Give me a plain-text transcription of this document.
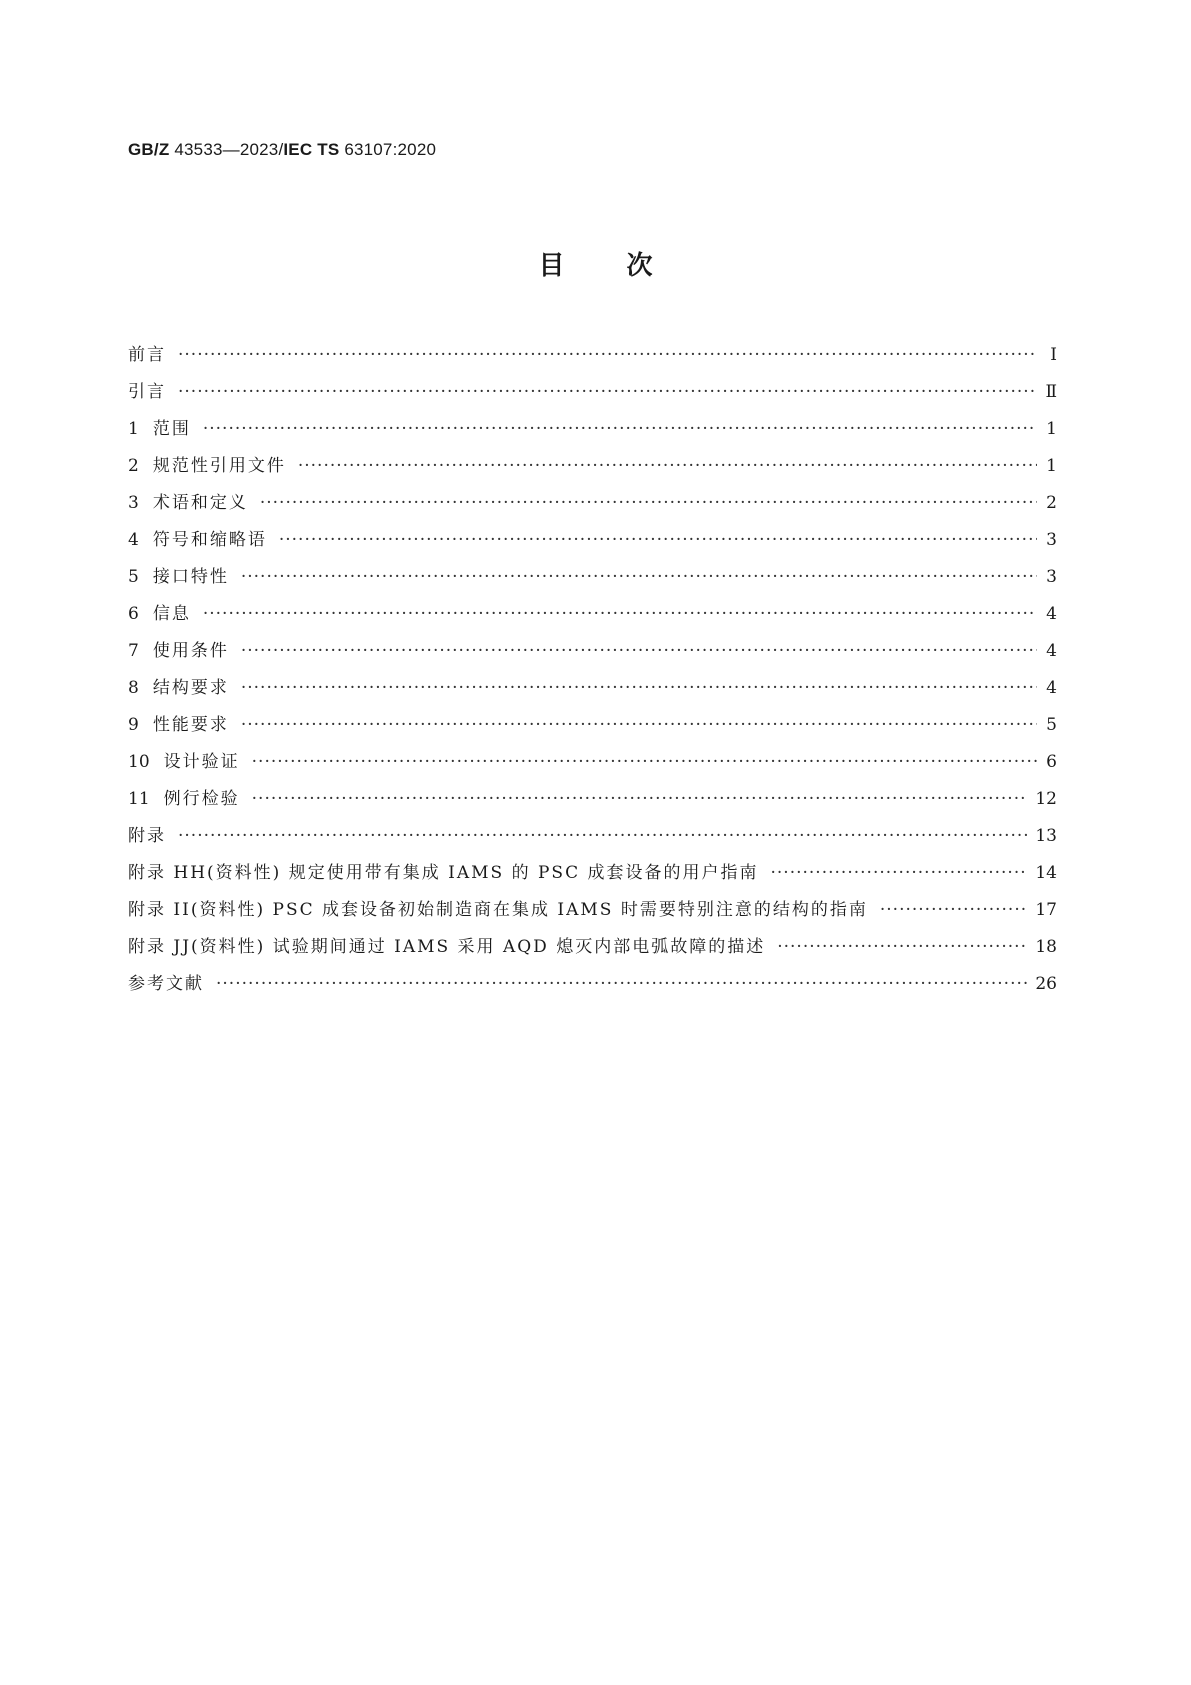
GB/Z 43533—2023/IEC TS 63107:2020
目次
前言 ·····	Ⅰ
引言 ·····	Ⅱ
1 范围 ·····	1
2 规范性引用文件 ·····	1
3 术语和定义 ·····	2
4 符号和缩略语 ·····	3
5 接口特性 ·····	3
6 信息 ·····	4
7 使用条件 ·····	4
8 结构要求 ·····	4
9 性能要求 ·····	5
10 设计验证 ·····	6
11 例行检验 ·····	12
附录 ·····	13
附录 HH(资料性) 规定使用带有集成 IAMS 的 PSC 成套设备的用户指南 ·····	14
附录 II(资料性) PSC 成套设备初始制造商在集成 IAMS 时需要特别注意的结构的指南 ·····	17
附录 JJ(资料性) 试验期间通过 IAMS 采用 AQD 熄灭内部电弧故障的描述 ·····	18
参考文献 ·····	26
